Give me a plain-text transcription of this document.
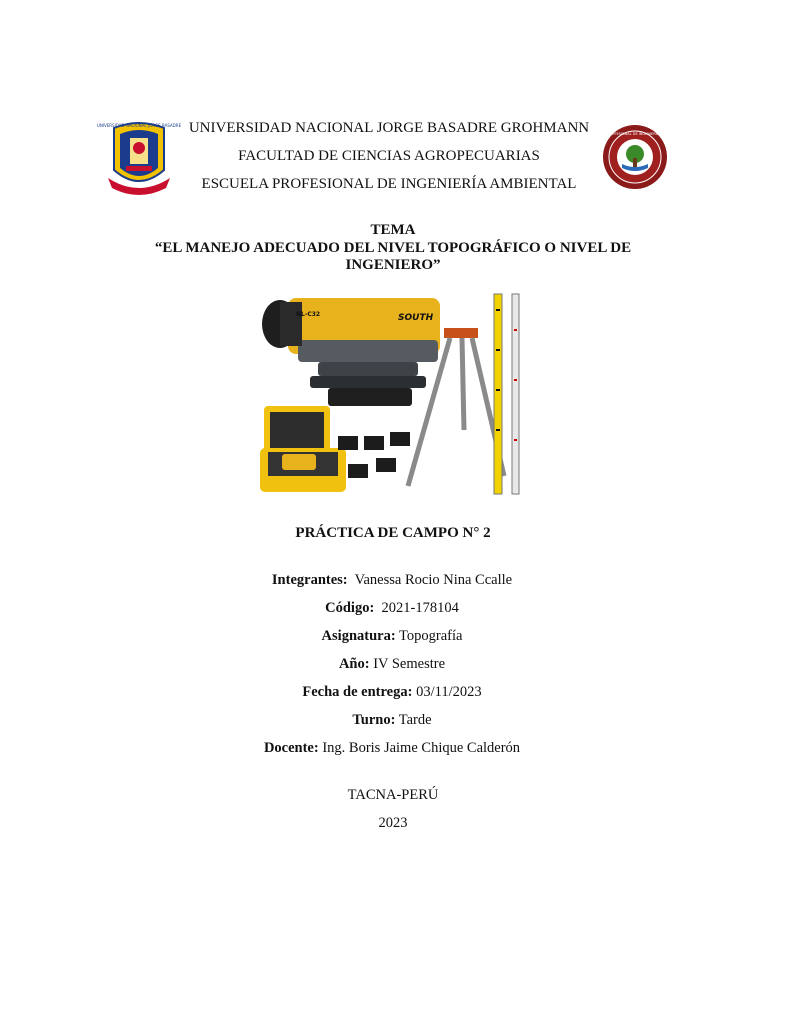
UNIVERSIDAD NACIONAL JORGE BASADRE
ESCUELA PROFESIONAL DE INGENIERÍA AMBIENTAL
UNIVERSIDAD NACIONAL JORGE BASADRE GROHMANN
FACULTAD DE CIENCIAS AGROPECUARIAS
ESCUELA PROFESIONAL DE INGENIERÍA AMBIENTAL
TEMA
“EL MANEJO ADECUADO DEL NIVEL TOPOGRÁFICO O NIVEL DE INGENIERO”
NL-C32	SOUTH
PRÁCTICA DE CAMPO N° 2
Integrantes: Vanessa Rocio Nina Ccalle
Código: 2021-178104
Asignatura: Topografía
Año: IV Semestre
Fecha de entrega: 03/11/2023
Turno: Tarde
Docente: Ing. Boris Jaime Chique Calderón
TACNA-PERÚ
2023
